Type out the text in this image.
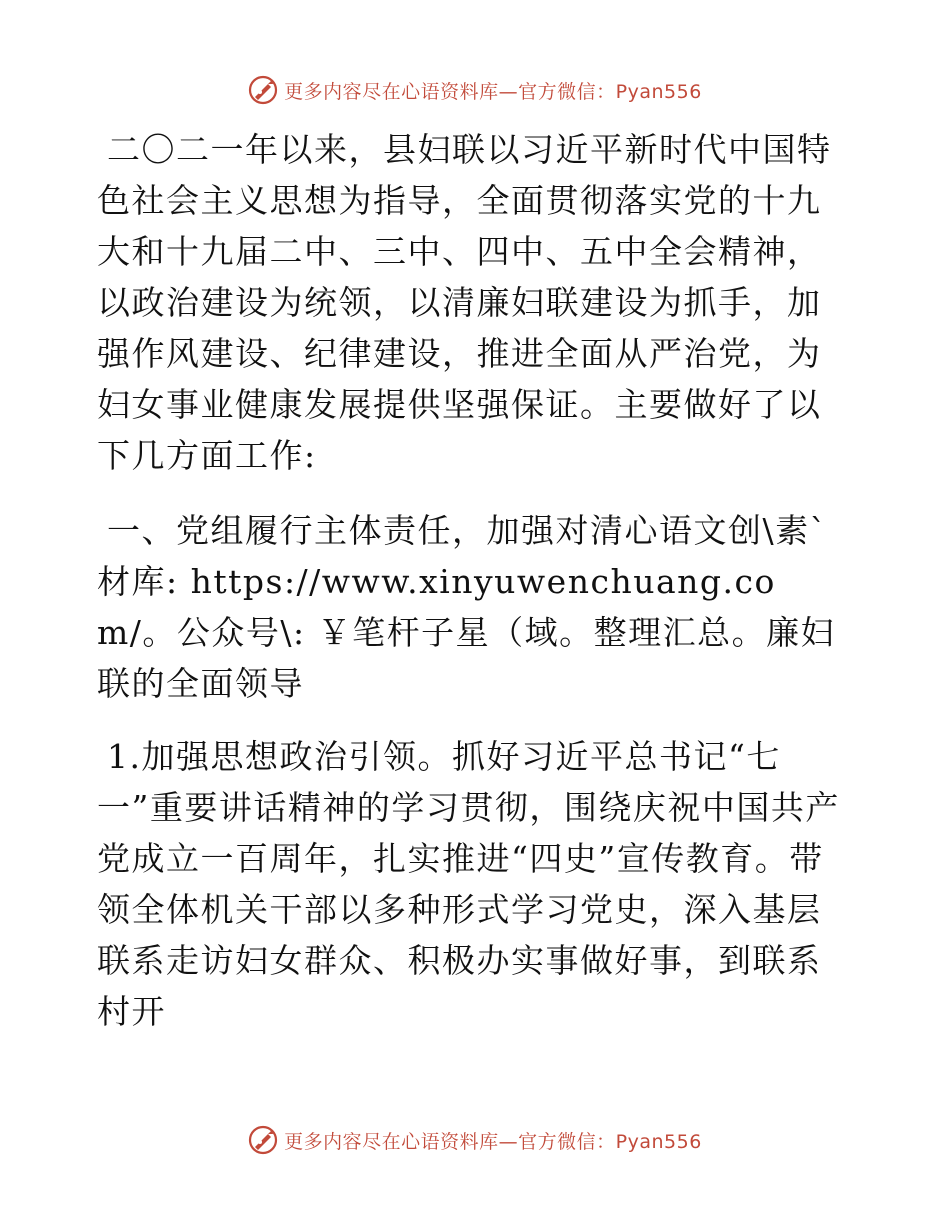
更多内容尽在心语资料库—官方微信：Pyan556

二〇二一年以来，县妇联以习近平新时代中国特色社会主义思想为指导，全面贯彻落实党的十九大和十九届二中、三中、四中、五中全会精神，以政治建设为统领，以清廉妇联建设为抓手，加强作风建设、纪律建设，推进全面从严治党，为妇女事业健康发展提供坚强保证。主要做好了以下几方面工作:

一、党组履行主体责任，加强对清心语文创\素`材库: https://www.xinyuwenchuang.com/。公众号\: ￥笔杆子星（域。整理汇总。廉妇联的全面领导

1.加强思想政治引领。抓好习近平总书记“七一”重要讲话精神的学习贯彻，围绕庆祝中国共产党成立一百周年，扎实推进“四史”宣传教育。带领全体机关干部以多种形式学习党史，深入基层联系走访妇女群众、积极办实事做好事，到联系村开

更多内容尽在心语资料库—官方微信：Pyan556
